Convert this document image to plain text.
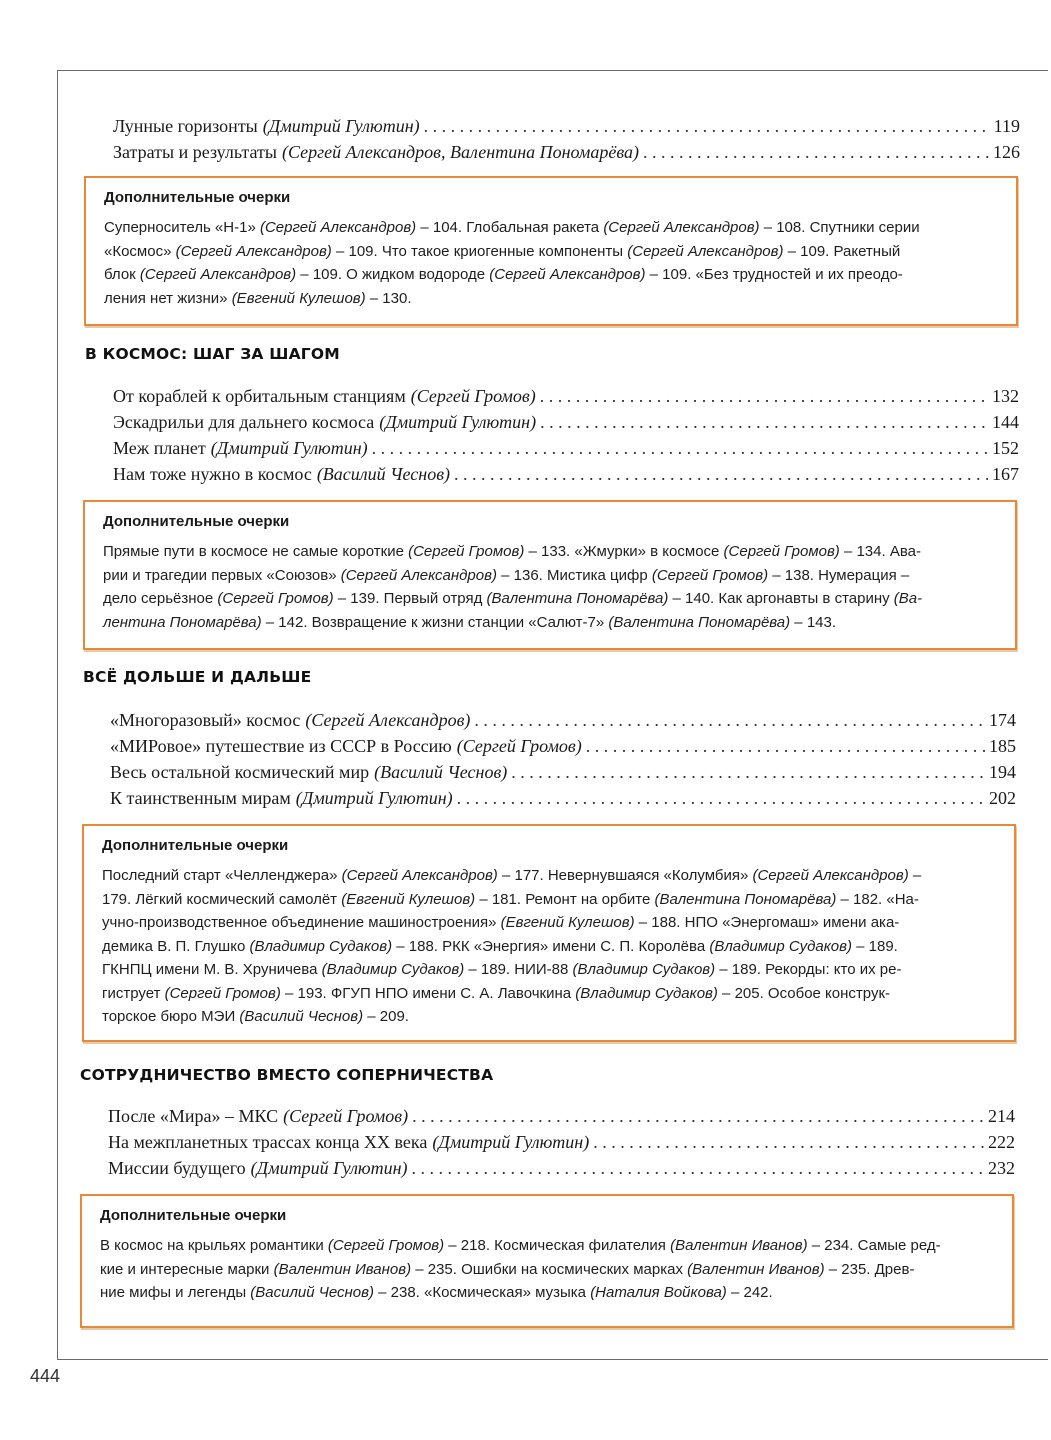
Лунные горизонты (Дмитрий Гулютин) . . .	119
Затраты и результаты (Сергей Александров, Валентина Пономарёва) . . .	126
Дополнительные очерки
Суперноситель «Н-1» (Сергей Александров) – 104. Глобальная ракета (Сергей Александров) – 108. Спутники серии
«Космос» (Сергей Александров) – 109. Что такое криогенные компоненты (Сергей Александров) – 109. Ракетный
блок (Сергей Александров) – 109. О жидком водороде (Сергей Александров) – 109. «Без трудностей и их преодо-
ления нет жизни» (Евгений Кулешов) – 130.
В КОСМОС: ШАГ ЗА ШАГОМ
От кораблей к орбитальным станциям (Сергей Громов) . . .	132
Эскадрильи для дальнего космоса (Дмитрий Гулютин) . . .	144
Меж планет (Дмитрий Гулютин) . . .	152
Нам тоже нужно в космос (Василий Чеснов) . . .	167
Дополнительные очерки
Прямые пути в космосе не самые короткие (Сергей Громов) – 133. «Жмурки» в космосе (Сергей Громов) – 134. Ава-
рии и трагедии первых «Союзов» (Сергей Александров) – 136. Мистика цифр (Сергей Громов) – 138. Нумерация –
дело серьёзное (Сергей Громов) – 139. Первый отряд (Валентина Пономарёва) – 140. Как аргонавты в старину (Ва-
лентина Пономарёва) – 142. Возвращение к жизни станции «Салют-7» (Валентина Пономарёва) – 143.
ВСЁ ДОЛЬШЕ И ДАЛЬШЕ
«Многоразовый» космос (Сергей Александров) . . .	174
«МИРовое» путешествие из СССР в Россию (Сергей Громов) . . .	185
Весь остальной космический мир (Василий Чеснов) . . .	194
К таинственным мирам (Дмитрий Гулютин) . . .	202
Дополнительные очерки
Последний старт «Челленджера» (Сергей Александров) – 177. Невернувшаяся «Колумбия» (Сергей Александров) –
179. Лёгкий космический самолёт (Евгений Кулешов) – 181. Ремонт на орбите (Валентина Пономарёва) – 182. «На-
учно-производственное объединение машиностроения» (Евгений Кулешов) – 188. НПО «Энергомаш» имени ака-
демика В. П. Глушко (Владимир Судаков) – 188. РКК «Энергия» имени С. П. Королёва (Владимир Судаков) – 189.
ГКНПЦ имени М. В. Хруничева (Владимир Судаков) – 189. НИИ-88 (Владимир Судаков) – 189. Рекорды: кто их ре-
гиструет (Сергей Громов) – 193. ФГУП НПО имени С. А. Лавочкина (Владимир Судаков) – 205. Особое конструк-
торское бюро МЭИ (Василий Чеснов) – 209.
СОТРУДНИЧЕСТВО ВМЕСТО СОПЕРНИЧЕСТВА
После «Мира» – МКС (Сергей Громов) . . .	214
На межпланетных трассах конца XX века (Дмитрий Гулютин) . . .	222
Миссии будущего (Дмитрий Гулютин) . . .	232
Дополнительные очерки
В космос на крыльях романтики (Сергей Громов) – 218. Космическая филателия (Валентин Иванов) – 234. Самые ред-
кие и интересные марки (Валентин Иванов) – 235. Ошибки на космических марках (Валентин Иванов) – 235. Древ-
ние мифы и легенды (Василий Чеснов) – 238. «Космическая» музыка (Наталия Войкова) – 242.
444
